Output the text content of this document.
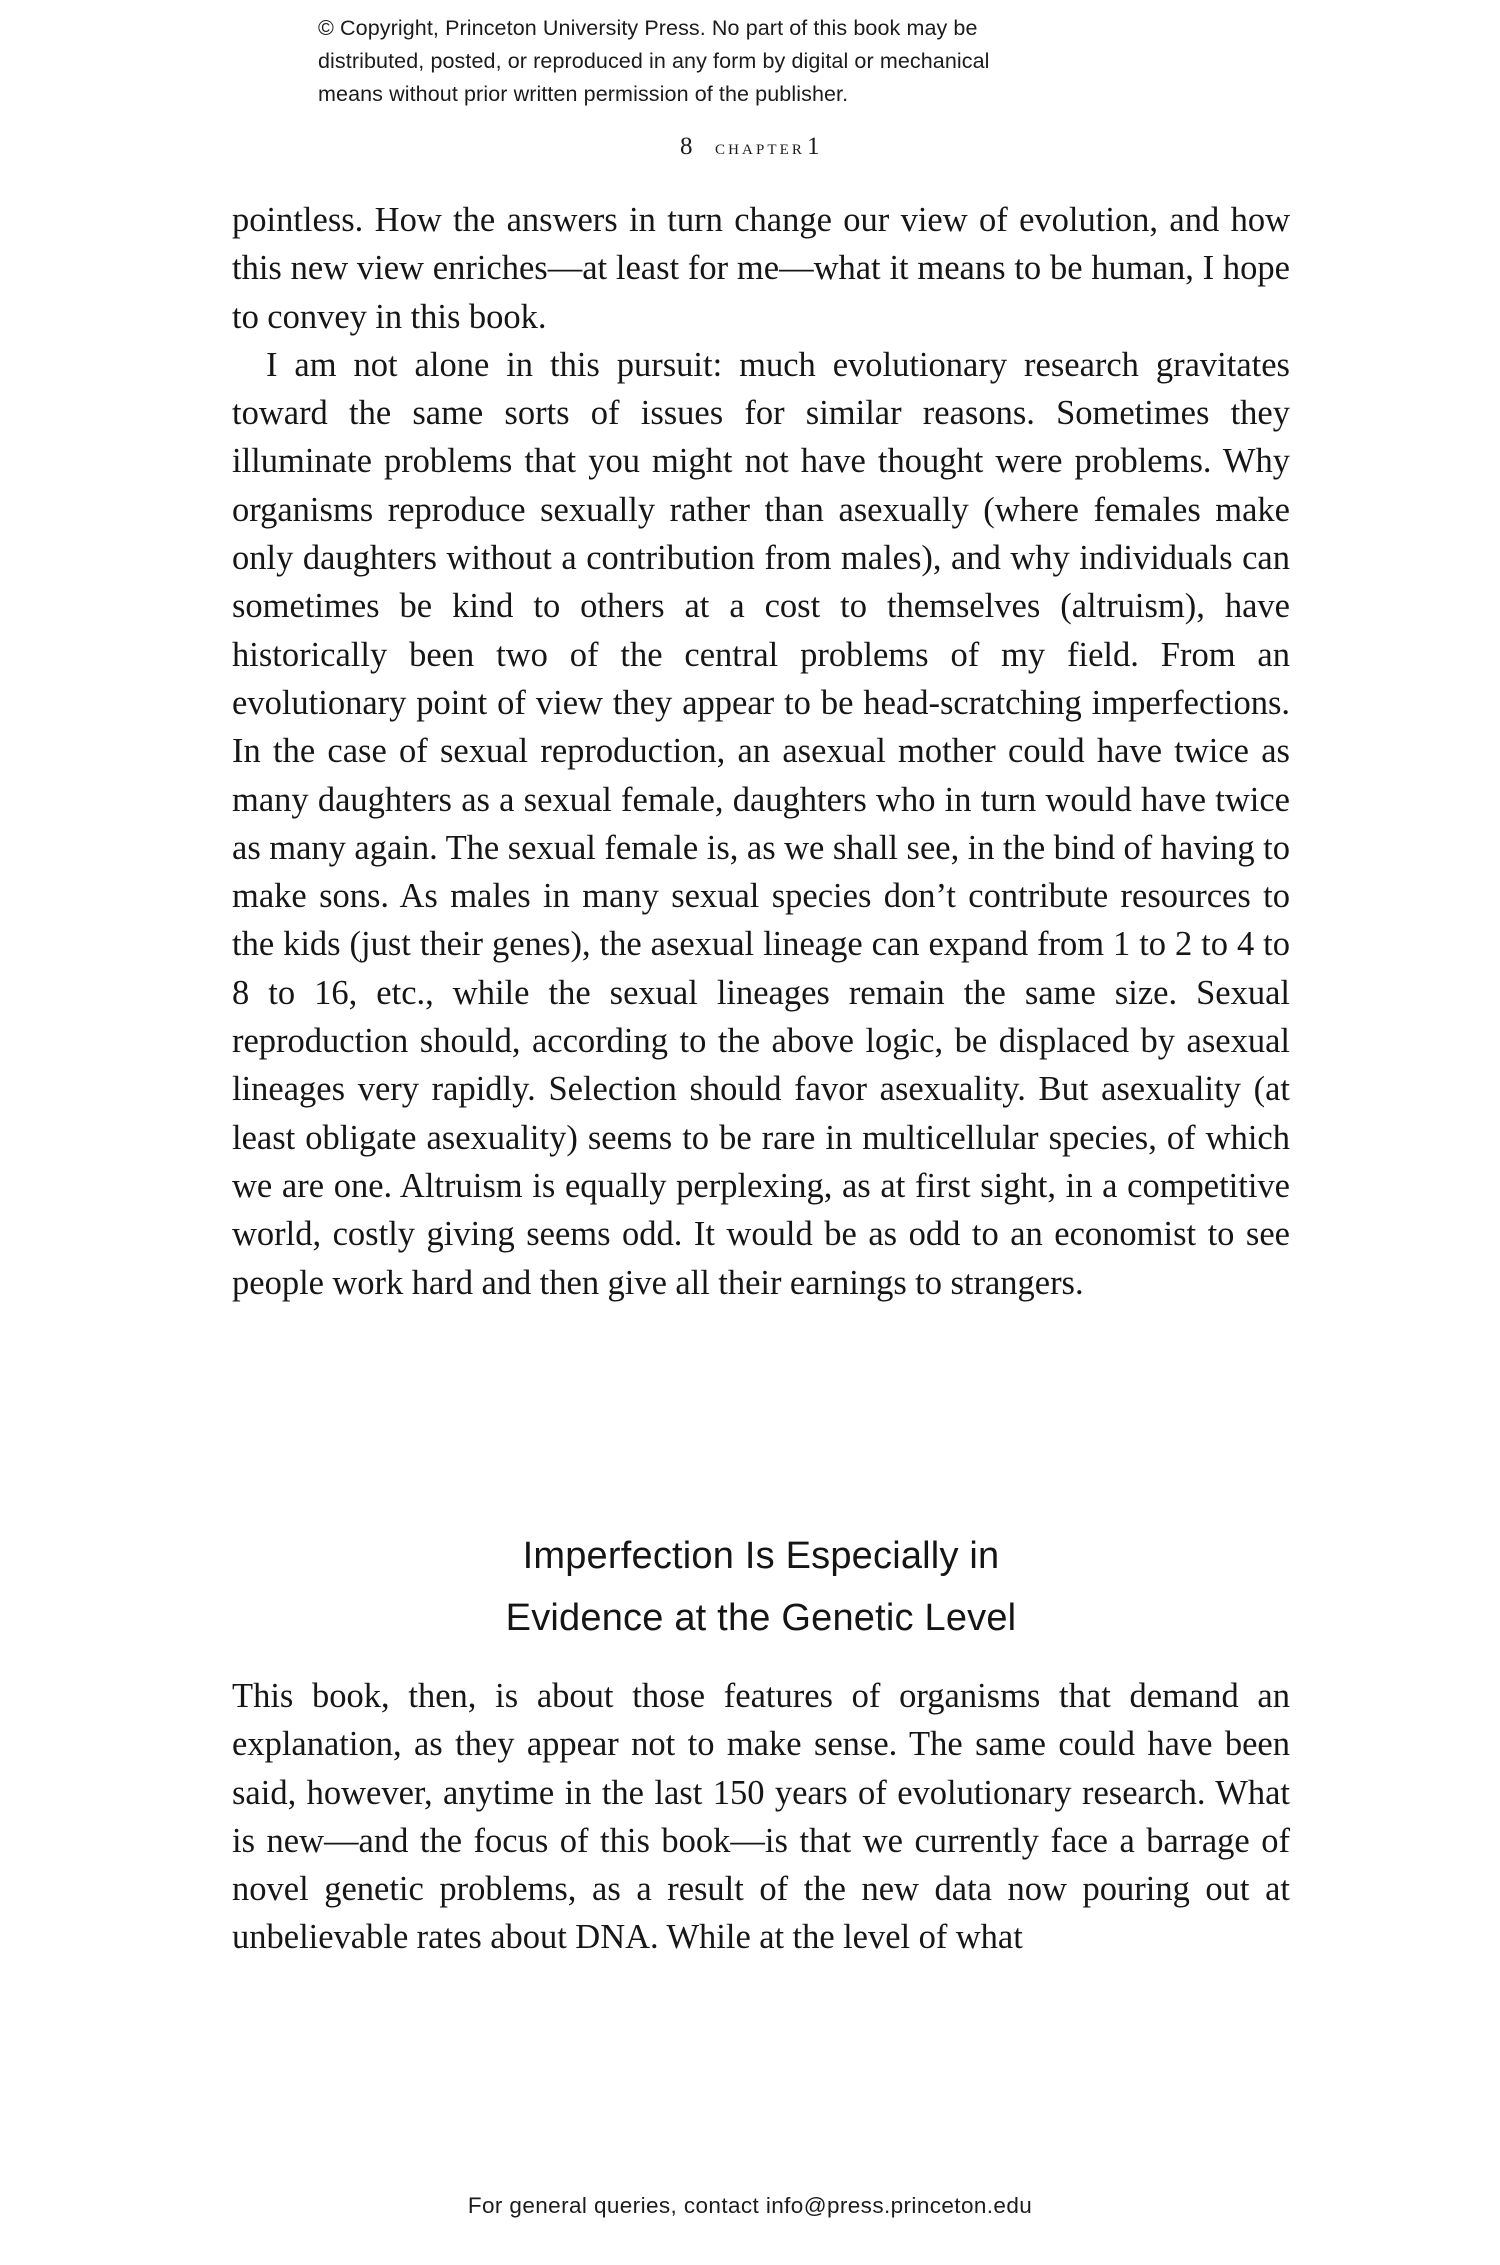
© Copyright, Princeton University Press. No part of this book may be
distributed, posted, or reproduced in any form by digital or mechanical
means without prior written permission of the publisher.
8 chapter1

pointless. How the answers in turn change our view of evolution, and how this new view enriches—at least for me—what it means to be human, I hope to convey in this book.

I am not alone in this pursuit: much evolutionary research gravitates toward the same sorts of issues for similar reasons. Sometimes they illuminate problems that you might not have thought were problems. Why organisms reproduce sexually rather than asexually (where females make only daughters without a contribution from males), and why individuals can sometimes be kind to others at a cost to themselves (altruism), have historically been two of the central problems of my field. From an evolutionary point of view they appear to be head-scratching imperfections. In the case of sexual reproduction, an asexual mother could have twice as many daughters as a sexual female, daughters who in turn would have twice as many again. The sexual female is, as we shall see, in the bind of having to make sons. As males in many sexual species don’t contribute resources to the kids (just their genes), the asexual lineage can expand from 1 to 2 to 4 to 8 to 16, etc., while the sexual lineages remain the same size. Sexual reproduction should, according to the above logic, be displaced by asexual lineages very rapidly. Selection should favor asexuality. But asexuality (at least obligate asexuality) seems to be rare in multicellular species, of which we are one. Altruism is equally perplexing, as at first sight, in a competitive world, costly giving seems odd. It would be as odd to an economist to see people work hard and then give all their earnings to strangers.

Imperfection Is Especially in
Evidence at the Genetic Level

This book, then, is about those features of organisms that demand an explanation, as they appear not to make sense. The same could have been said, however, anytime in the last 150 years of evolutionary research. What is new—and the focus of this book—is that we currently face a barrage of novel genetic problems, as a result of the new data now pouring out at unbelievable rates about DNA. While at the level of what

For general queries, contact info@press.princeton.edu
